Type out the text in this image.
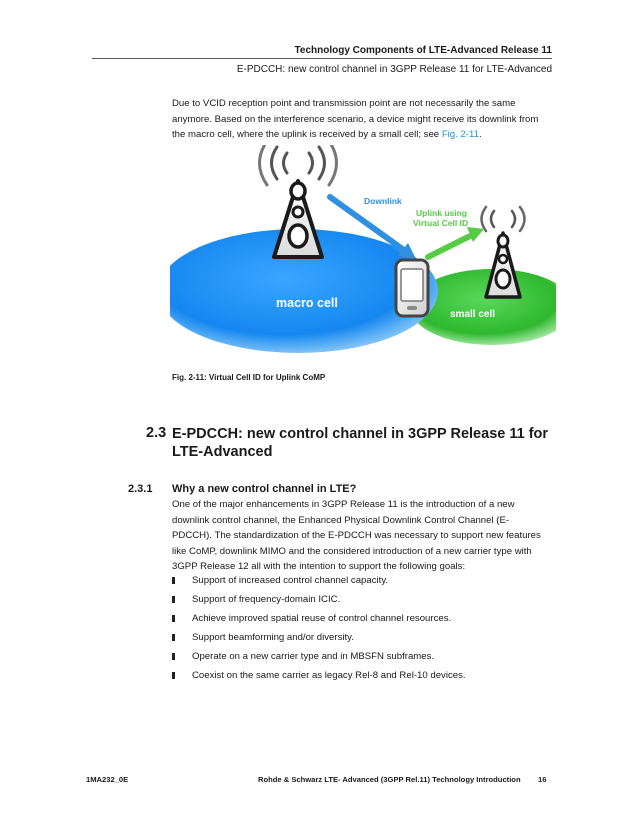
Technology Components of LTE-Advanced Release 11
E-PDCCH: new control channel in 3GPP Release 11 for LTE-Advanced
Due to VCID reception point and transmission point are not necessarily the same
anymore. Based on the interference scenario, a device might receive its downlink from
the macro cell, where the uplink is received by a small cell; see Fig. 2-11.
Downlink
Uplink using
Virtual Cell ID
macro cell
small cell
Fig. 2-11: Virtual Cell ID for Uplink CoMP
2.3 E-PDCCH: new control channel in 3GPP Release 11 for
LTE-Advanced
2.3.1 Why a new control channel in LTE?
One of the major enhancements in 3GPP Release 11 is the introduction of a new
downlink control channel, the Enhanced Physical Downlink Control Channel (E-
PDCCH). The standardization of the E-PDCCH was necessary to support new features
like CoMP, downlink MIMO and the considered introduction of a new carrier type with
3GPP Release 12 all with the intention to support the following goals:
Support of increased control channel capacity.
Support of frequency-domain ICIC.
Achieve improved spatial reuse of control channel resources.
Support beamforming and/or diversity.
Operate on a new carrier type and in MBSFN subframes.
Coexist on the same carrier as legacy Rel-8 and Rel-10 devices.
1MA232_0E	Rohde & Schwarz LTE- Advanced (3GPP Rel.11) Technology Introduction 16
